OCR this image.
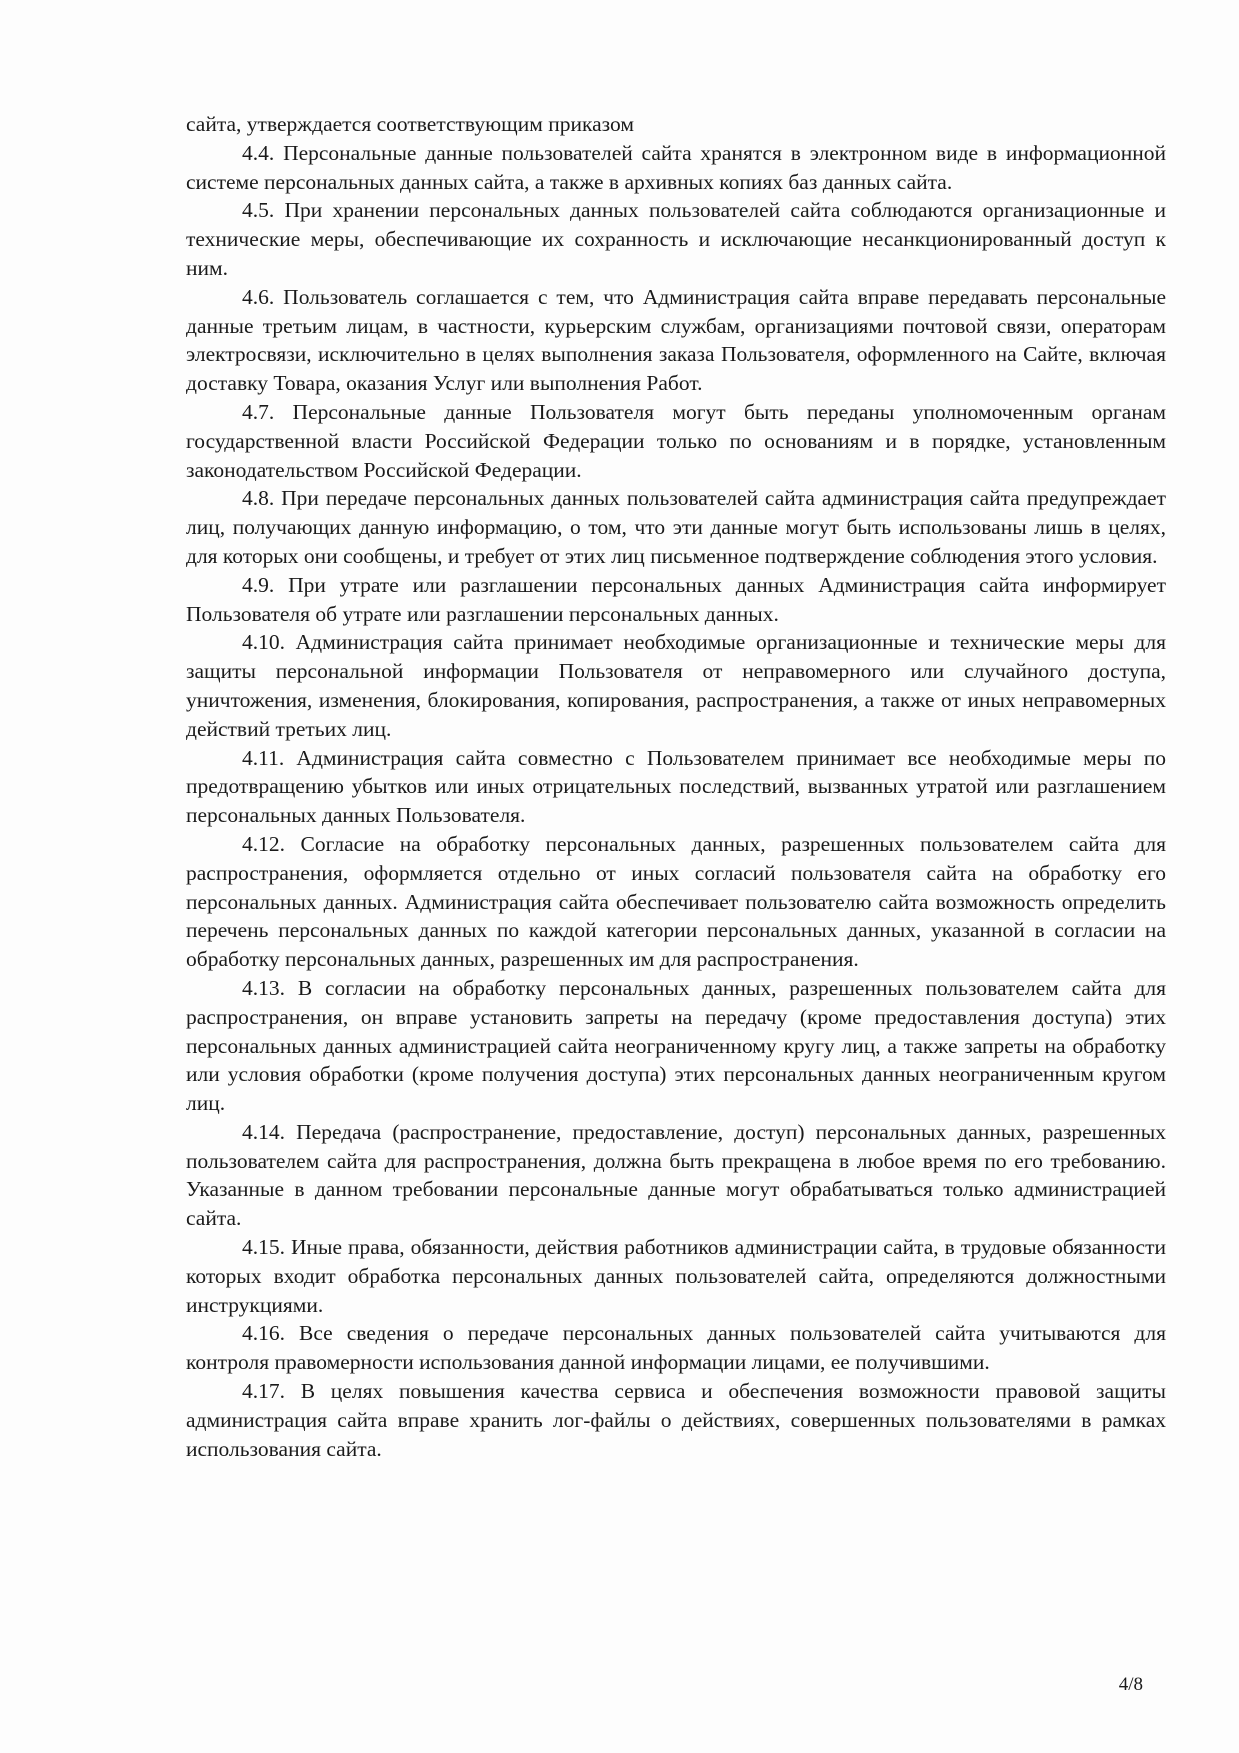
сайта, утверждается соответствующим приказом

4.4. Персональные данные пользователей сайта хранятся в электронном виде в информационной системе персональных данных сайта, а также в архивных копиях баз данных сайта.

4.5. При хранении персональных данных пользователей сайта соблюдаются организационные и технические меры, обеспечивающие их сохранность и исключающие несанкционированный доступ к ним.

4.6. Пользователь соглашается с тем, что Администрация сайта вправе передавать персональные данные третьим лицам, в частности, курьерским службам, организациями почтовой связи, операторам электросвязи, исключительно в целях выполнения заказа Пользователя, оформленного на Сайте, включая доставку Товара, оказания Услуг или выполнения Работ.

4.7. Персональные данные Пользователя могут быть переданы уполномоченным органам государственной власти Российской Федерации только по основаниям и в порядке, установленным законодательством Российской Федерации.

4.8. При передаче персональных данных пользователей сайта администрация сайта предупреждает лиц, получающих данную информацию, о том, что эти данные могут быть использованы лишь в целях, для которых они сообщены, и требует от этих лиц письменное подтверждение соблюдения этого условия.

4.9. При утрате или разглашении персональных данных Администрация сайта информирует Пользователя об утрате или разглашении персональных данных.

4.10. Администрация сайта принимает необходимые организационные и технические меры для защиты персональной информации Пользователя от неправомерного или случайного доступа, уничтожения, изменения, блокирования, копирования, распространения, а также от иных неправомерных действий третьих лиц.

4.11. Администрация сайта совместно с Пользователем принимает все необходимые меры по предотвращению убытков или иных отрицательных последствий, вызванных утратой или разглашением персональных данных Пользователя.

4.12. Согласие на обработку персональных данных, разрешенных пользователем сайта для распространения, оформляется отдельно от иных согласий пользователя сайта на обработку его персональных данных. Администрация сайта обеспечивает пользователю сайта возможность определить перечень персональных данных по каждой категории персональных данных, указанной в согласии на обработку персональных данных, разрешенных им для распространения.

4.13. В согласии на обработку персональных данных, разрешенных пользователем сайта для распространения, он вправе установить запреты на передачу (кроме предоставления доступа) этих персональных данных администрацией сайта неограниченному кругу лиц, а также запреты на обработку или условия обработки (кроме получения доступа) этих персональных данных неограниченным кругом лиц.

4.14. Передача (распространение, предоставление, доступ) персональных данных, разрешенных пользователем сайта для распространения, должна быть прекращена в любое время по его требованию. Указанные в данном требовании персональные данные могут обрабатываться только администрацией сайта.

4.15. Иные права, обязанности, действия работников администрации сайта, в трудовые обязанности которых входит обработка персональных данных пользователей сайта, определяются должностными инструкциями.

4.16. Все сведения о передаче персональных данных пользователей сайта учитываются для контроля правомерности использования данной информации лицами, ее получившими.

4.17. В целях повышения качества сервиса и обеспечения возможности правовой защиты администрация сайта вправе хранить лог-файлы о действиях, совершенных пользователями в рамках использования сайта.

4/8
